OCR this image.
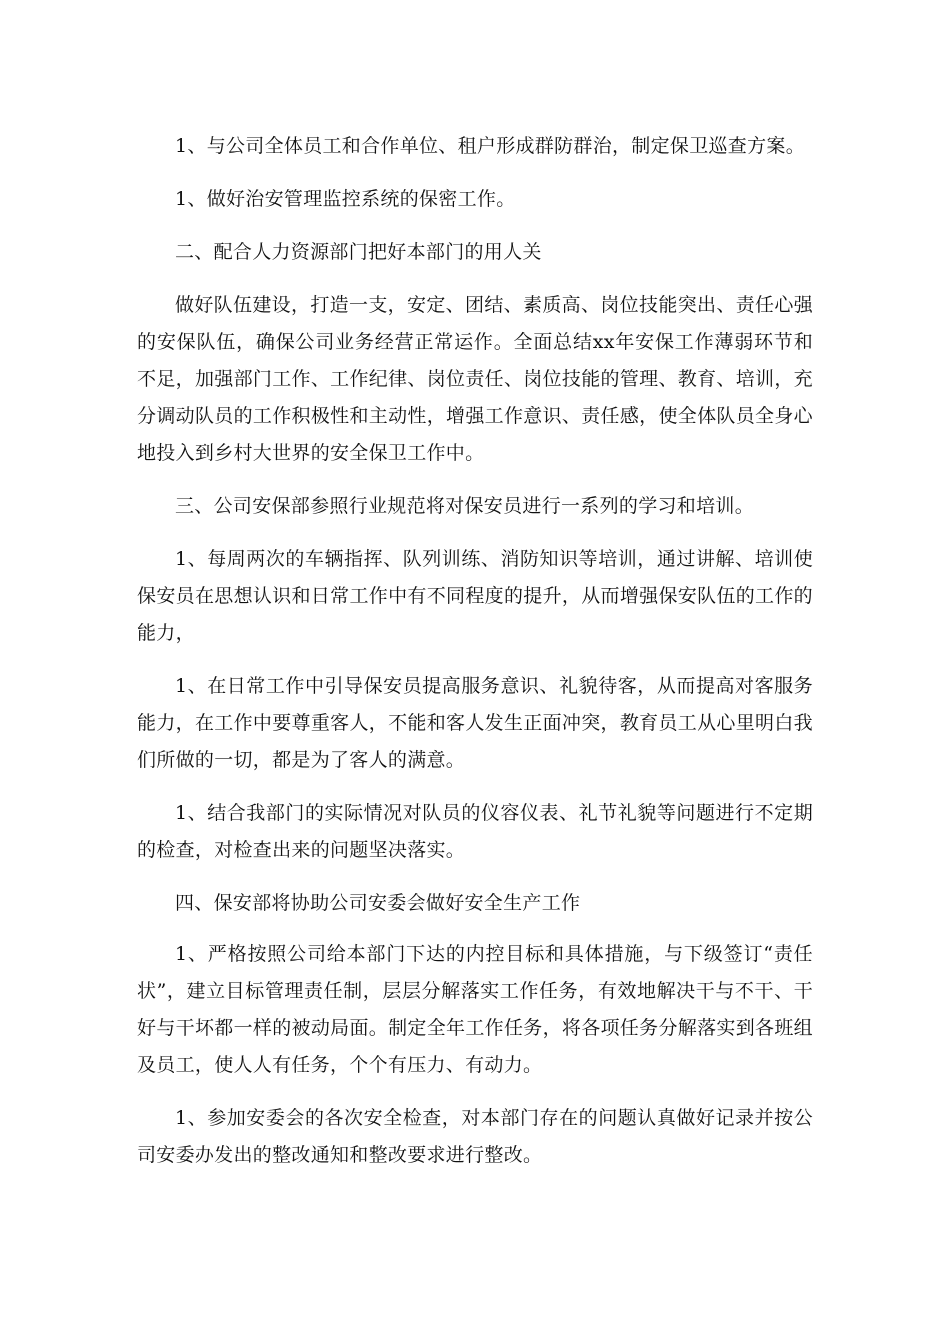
1、与公司全体员工和合作单位、租户形成群防群治，制定保卫巡查方案。

1、做好治安管理监控系统的保密工作。

二、配合人力资源部门把好本部门的用人关

做好队伍建设，打造一支，安定、团结、素质高、岗位技能突出、责任心强的安保队伍，确保公司业务经营正常运作。全面总结xx年安保工作薄弱环节和不足，加强部门工作、工作纪律、岗位责任、岗位技能的管理、教育、培训，充分调动队员的工作积极性和主动性，增强工作意识、责任感，使全体队员全身心地投入到乡村大世界的安全保卫工作中。

三、公司安保部参照行业规范将对保安员进行一系列的学习和培训。

1、每周两次的车辆指挥、队列训练、消防知识等培训，通过讲解、培训使保安员在思想认识和日常工作中有不同程度的提升，从而增强保安队伍的工作的能力，

1、在日常工作中引导保安员提高服务意识、礼貌待客，从而提高对客服务能力，在工作中要尊重客人，不能和客人发生正面冲突，教育员工从心里明白我们所做的一切，都是为了客人的满意。

1、结合我部门的实际情况对队员的仪容仪表、礼节礼貌等问题进行不定期的检查，对检查出来的问题坚决落实。

四、保安部将协助公司安委会做好安全生产工作

1、严格按照公司给本部门下达的内控目标和具体措施，与下级签订“责任状”，建立目标管理责任制，层层分解落实工作任务，有效地解决干与不干、干好与干坏都一样的被动局面。制定全年工作任务，将各项任务分解落实到各班组及员工，使人人有任务，个个有压力、有动力。

1、参加安委会的各次安全检查，对本部门存在的问题认真做好记录并按公司安委办发出的整改通知和整改要求进行整改。
